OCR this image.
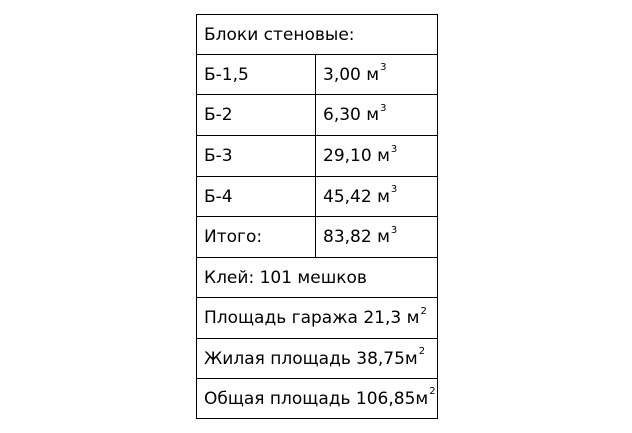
Блоки стеновые:
Б-1,5	3,00 м 3
Б-2	6,30 м 3
Б-3	29,10 м 3
Б-4	45,42 м 3
Итого:	83,82 м 3
Клей: 101 мешков
Площадь гаража 21,3 м 2
Жилая площадь 38,75м 2
Общая площадь 106,85м 2
